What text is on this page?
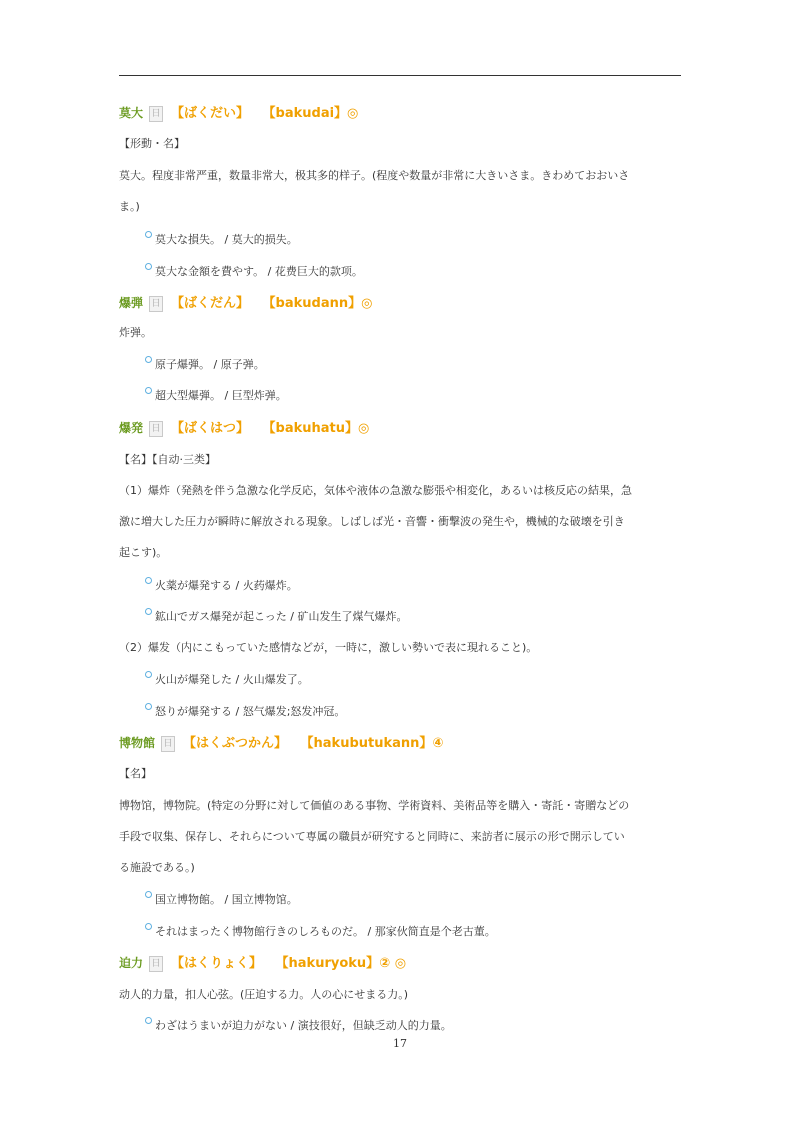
莫大 日 【ばくだい】 【bakudai】◎
【形動・名】
莫大。程度非常严重，数量非常大，极其多的样子。(程度や数量が非常に大きいさま。きわめておおいさ
ま。)
莫大な損失。 / 莫大的损失。
莫大な金額を費やす。 / 花费巨大的款项。
爆弾 日 【ばくだん】 【bakudann】◎
炸弹。
原子爆弾。 / 原子弹。
超大型爆弾。 / 巨型炸弹。
爆発 日 【ばくはつ】 【bakuhatu】◎
【名】【自动·三类】
（1）爆炸（発熱を伴う急激な化学反応，気体や液体の急激な膨張や相変化，あるいは核反応の結果，急
激に増大した圧力が瞬時に解放される現象。しばしば光・音響・衝撃波の発生や，機械的な破壊を引き
起こす)。
火薬が爆発する / 火药爆炸。
鉱山でガス爆発が起こった / 矿山发生了煤气爆炸。
（2）爆发（内にこもっていた感情などが，一時に，激しい勢いで表に現れること)。
火山が爆発した / 火山爆发了。
怒りが爆発する / 怒气爆发;怒发冲冠。
博物館 日 【はくぶつかん】 【hakubutukann】④
【名】
博物馆，博物院。(特定の分野に対して価値のある事物、学術資料、美術品等を購入・寄託・寄贈などの
手段で収集、保存し、それらについて専属の職員が研究すると同時に、来訪者に展示の形で開示してい
る施設である。)
国立博物館。 / 国立博物馆。
それはまったく博物館行きのしろものだ。 / 那家伙简直是个老古董。
迫力 日 【はくりょく】 【hakuryoku】② ◎
动人的力量，扣人心弦。(圧迫する力。人の心にせまる力。)
わざはうまいが迫力がない / 演技很好，但缺乏动人的力量。
17
